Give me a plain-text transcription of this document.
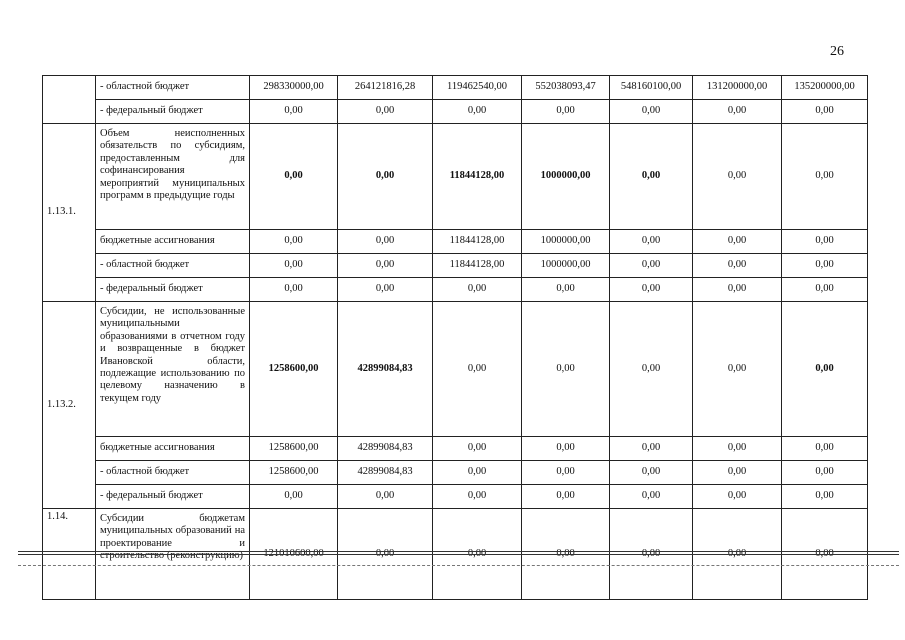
26
	- областной бюджет	298330000,00	264121816,28	119462540,00	552038093,47	548160100,00	131200000,00	135200000,00
	- федеральный бюджет	0,00	0,00	0,00	0,00	0,00	0,00	0,00
1.13.1.	Объем неисполненных обязательств по субсидиям, предоставленным для софинансирования мероприятий муниципальных программ в предыдущие годы	0,00	0,00	11844128,00	1000000,00	0,00	0,00	0,00
	бюджетные ассигнования	0,00	0,00	11844128,00	1000000,00	0,00	0,00	0,00
	- областной бюджет	0,00	0,00	11844128,00	1000000,00	0,00	0,00	0,00
	- федеральный бюджет	0,00	0,00	0,00	0,00	0,00	0,00	0,00
1.13.2.	Субсидии, не использованные муниципальными образованиями в отчетном году и возвращенные в бюджет Ивановской области, подлежащие использованию по целевому назначению в текущем году	1258600,00	42899084,83	0,00	0,00	0,00	0,00	0,00
	бюджетные ассигнования	1258600,00	42899084,83	0,00	0,00	0,00	0,00	0,00
	- областной бюджет	1258600,00	42899084,83	0,00	0,00	0,00	0,00	0,00
	- федеральный бюджет	0,00	0,00	0,00	0,00	0,00	0,00	0,00
1.14.	Субсидии бюджетам муниципальных образований на проектирование и строительство (реконструкцию)	121010600,00	0,00	0,00	0,00	0,00	0,00	0,00
